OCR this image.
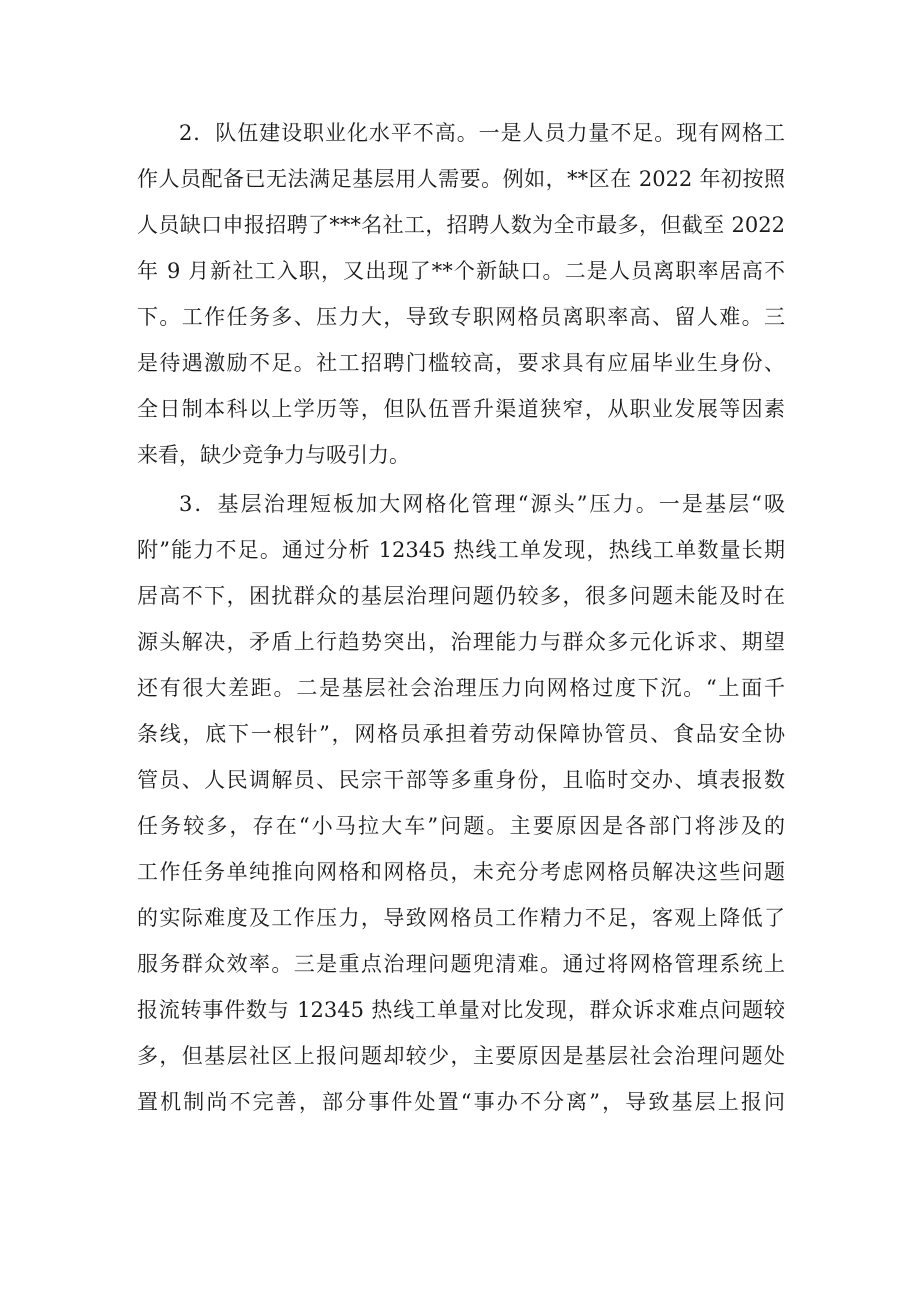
2．队伍建设职业化水平不高。一是人员力量不足。现有网格工
作人员配备已无法满足基层用人需要。例如，**区在 2022 年初按照
人员缺口申报招聘了***名社工，招聘人数为全市最多，但截至 2022
年 9 月新社工入职，又出现了**个新缺口。二是人员离职率居高不
下。工作任务多、压力大，导致专职网格员离职率高、留人难。三
是待遇激励不足。社工招聘门槛较高，要求具有应届毕业生身份、
全日制本科以上学历等，但队伍晋升渠道狭窄，从职业发展等因素
来看，缺少竞争力与吸引力。
3．基层治理短板加大网格化管理“源头”压力。一是基层“吸
附”能力不足。通过分析 12345 热线工单发现，热线工单数量长期
居高不下，困扰群众的基层治理问题仍较多，很多问题未能及时在
源头解决，矛盾上行趋势突出，治理能力与群众多元化诉求、期望
还有很大差距。二是基层社会治理压力向网格过度下沉。“上面千
条线，底下一根针”，网格员承担着劳动保障协管员、食品安全协
管员、人民调解员、民宗干部等多重身份，且临时交办、填表报数
任务较多，存在“小马拉大车”问题。主要原因是各部门将涉及的
工作任务单纯推向网格和网格员，未充分考虑网格员解决这些问题
的实际难度及工作压力，导致网格员工作精力不足，客观上降低了
服务群众效率。三是重点治理问题兜清难。通过将网格管理系统上
报流转事件数与 12345 热线工单量对比发现，群众诉求难点问题较
多，但基层社区上报问题却较少，主要原因是基层社会治理问题处
置机制尚不完善，部分事件处置“事办不分离”，导致基层上报问
